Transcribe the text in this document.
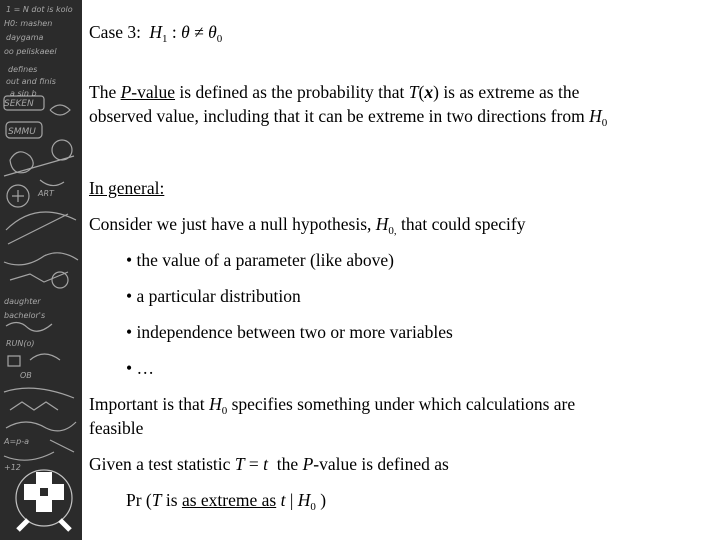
1 = N dot is kolo
H0: mashen
daygama
oo peliskaeel
defines
out and finis
a sin b
SEKEN
SMMU
ART
daughter
bachelor's
RUN(o)
OB
A=p-a
+12
Case 3: $H_1$ : $\theta \ne \theta_0$
The P-value is defined as the probability that T(x) is as extreme as the
observed value, including that it can be extreme in two directions from $H_0$
In general:
Consider we just have a null hypothesis, $H_{0,}$ that could specify
• the value of a parameter (like above)
• a particular distribution
• independence between two or more variables
• …
Important is that $H_0$ specifies something under which calculations are
feasible
Given a test statistic T = t  the P-value is defined as
Pr (T is as extreme as t | $H_0$ )
